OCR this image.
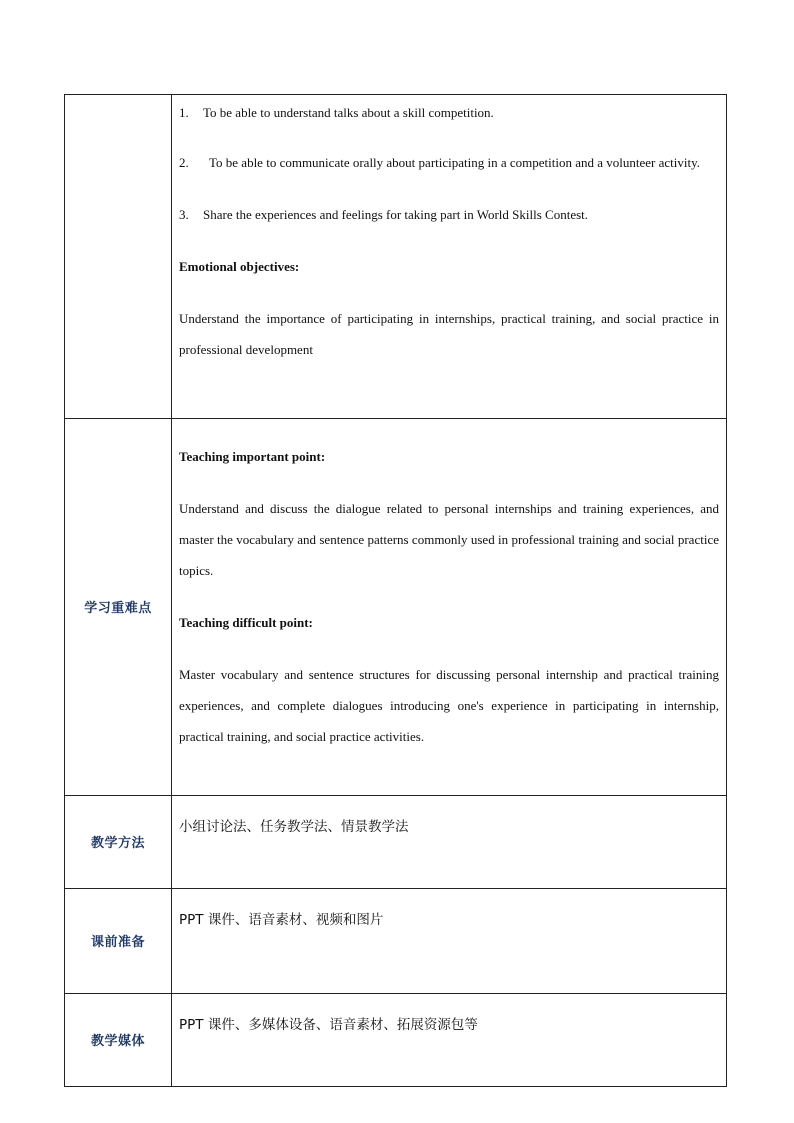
	1. To be able to understand talks about a skill competition.

2. To be able to communicate orally about participating in a competition and a volunteer activity.

3. Share the experiences and feelings for taking part in World Skills Contest.

Emotional objectives:

Understand the importance of participating in internships, practical training, and social practice in professional development

学习重难点	Teaching important point:

Understand and discuss the dialogue related to personal internships and training experiences, and master the vocabulary and sentence patterns commonly used in professional training and social practice topics.

Teaching difficult point:

Master vocabulary and sentence structures for discussing personal internship and practical training experiences, and complete dialogues introducing one's experience in participating in internship, practical training, and social practice activities.

教学方法	小组讨论法、任务教学法、情景教学法

课前准备	PPT 课件、语音素材、视频和图片

教学媒体	PPT 课件、多媒体设备、语音素材、拓展资源包等
